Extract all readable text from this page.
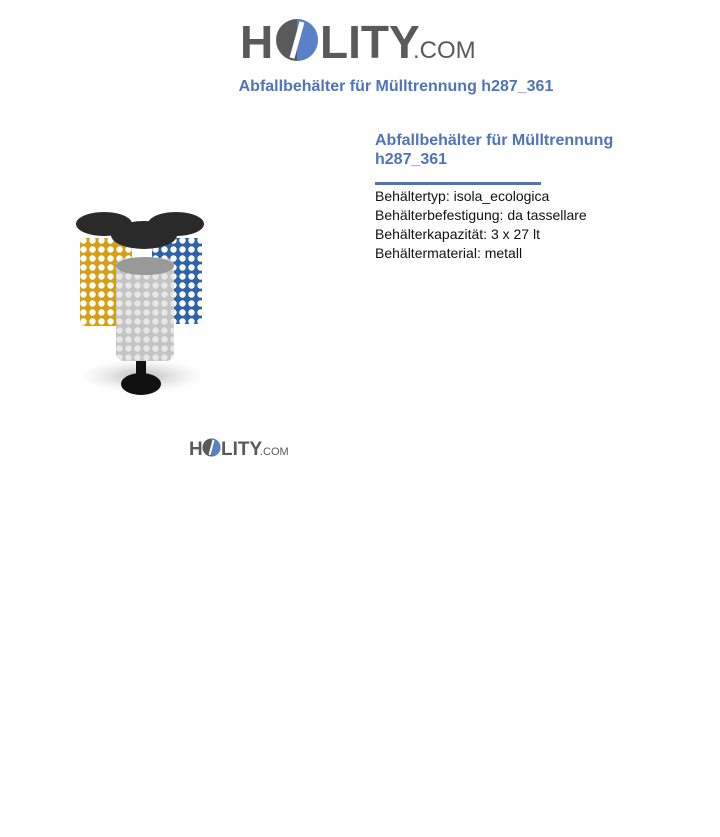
H LITY
.COM
Abfallbehälter für Mülltrennung h287_361
H LITY
.COM
Abfallbehälter für Mülltrennung
h287_361
Behältertyp: isola_ecologica
Behälterbefestigung: da tassellare
Behälterkapazität: 3 x 27 lt
Behältermaterial: metall
